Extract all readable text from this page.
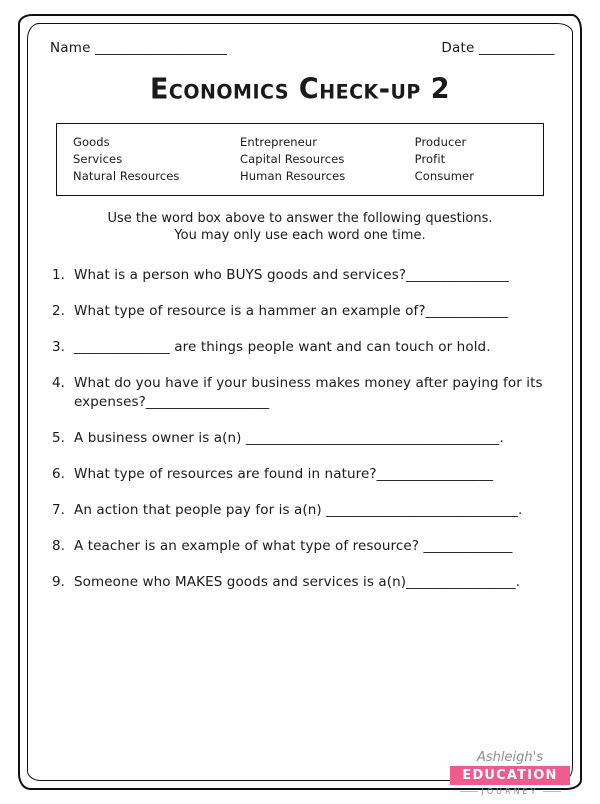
Name _____________________	Date ____________
Economics Check-up 2
Goods
Services
Natural Resources
Entrepreneur
Capital Resources
Human Resources
Producer
Profit
Consumer
Use the word box above to answer the following questions.
You may only use each word one time.
1. What is a person who BUYS goods and services?_______________
2. What type of resource is a hammer an example of?____________
3. ______________ are things people want and can touch or hold.
4. What do you have if your business makes money after paying for its expenses?__________________
5. A business owner is a(n) _____________________________________.
6. What type of resources are found in nature?_________________
7. An action that people pay for is a(n) ____________________________.
8. A teacher is an example of what type of resource? _____________
9. Someone who MAKES goods and services is a(n)________________.
Ashleigh's
EDUCATION
JOURNEY
